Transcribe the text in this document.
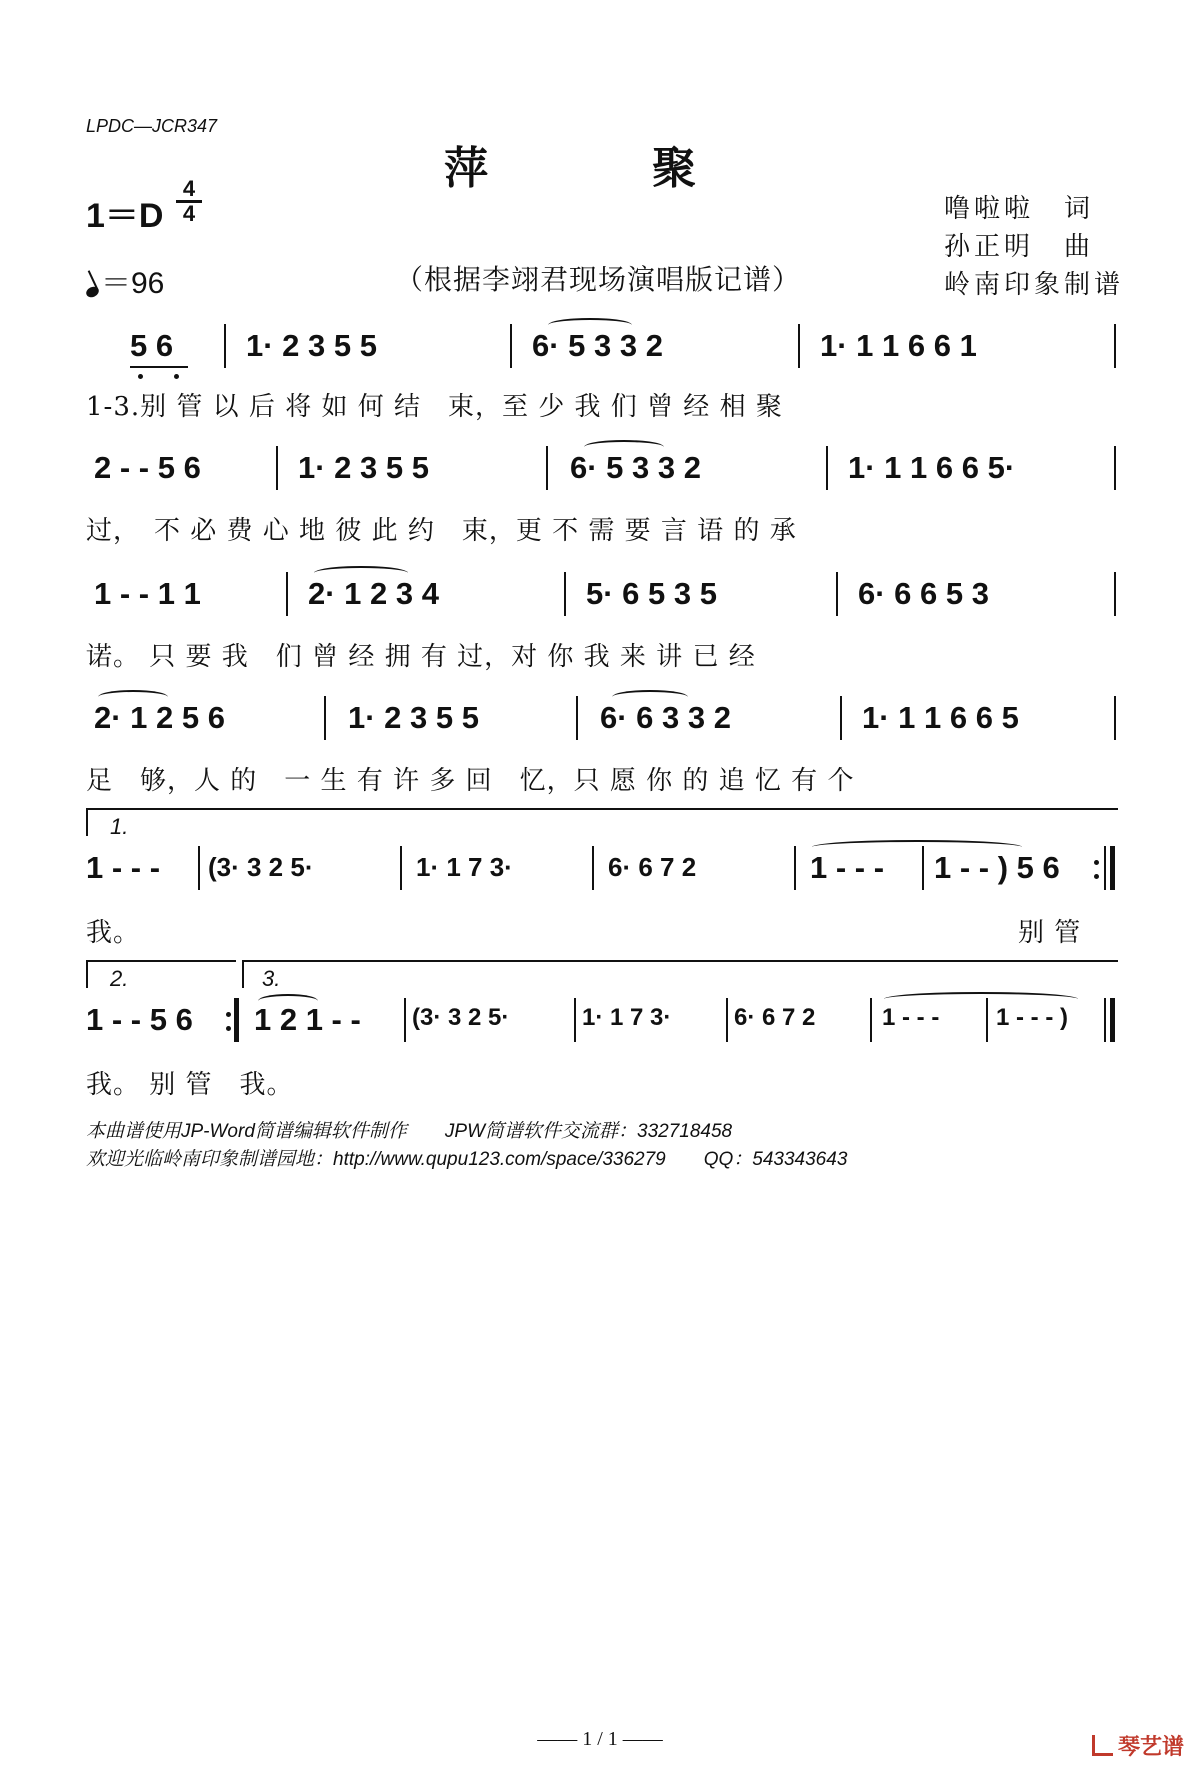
LPDC—JCR347
萍　聚
1＝D
4
4
＝96	（根据李翊君现场演唱版记谱）
噜啦啦　词
孙正明　曲
岭南印象制谱
5 6 1· 2 3 5 5	6· 5 3 3 2	1· 1 1 6 6 1
1-3.别 管 以 后 将 如 何 结　束，至 少 我 们 曾 经 相 聚
2 - - 5 6	1· 2 3 5 5	6· 5 3 3 2	1· 1 1 6 6 5·
过，　不 必 费 心 地 彼 此 约　束，更 不 需 要 言 语 的 承
1 - - 1 1	2· 1 2 3 4	5· 6 5 3 5	6· 6 6 5 3
诺。 只 要 我　们 曾 经 拥 有 过，对 你 我 来 讲 已 经
2· 1 2 5 6	1· 2 3 5 5	6· 6 3 3 2	1· 1 1 6 6 5
足　够，人 的　一 生 有 许 多 回　忆，只 愿 你 的 追 忆 有 个
1.
1 - - - (3· 3 2 5·	1· 1 7 3·	6· 6 7 2	1 - - - 1 - - ) 5 6
我。	别 管
2.	3.
1 - - 5 6 1 2 1 - - (3· 3 2 5·	1· 1 7 3·	6· 6 7 2	1 - - - 1 - - - )
我。 别 管　我。
本曲谱使用JP-Word简谱编辑软件制作　　JPW简谱软件交流群：332718458
欢迎光临岭南印象制谱园地：http://www.qupu123.com/space/336279　　QQ：543343643
—— 1 / 1 ——	琴艺谱
